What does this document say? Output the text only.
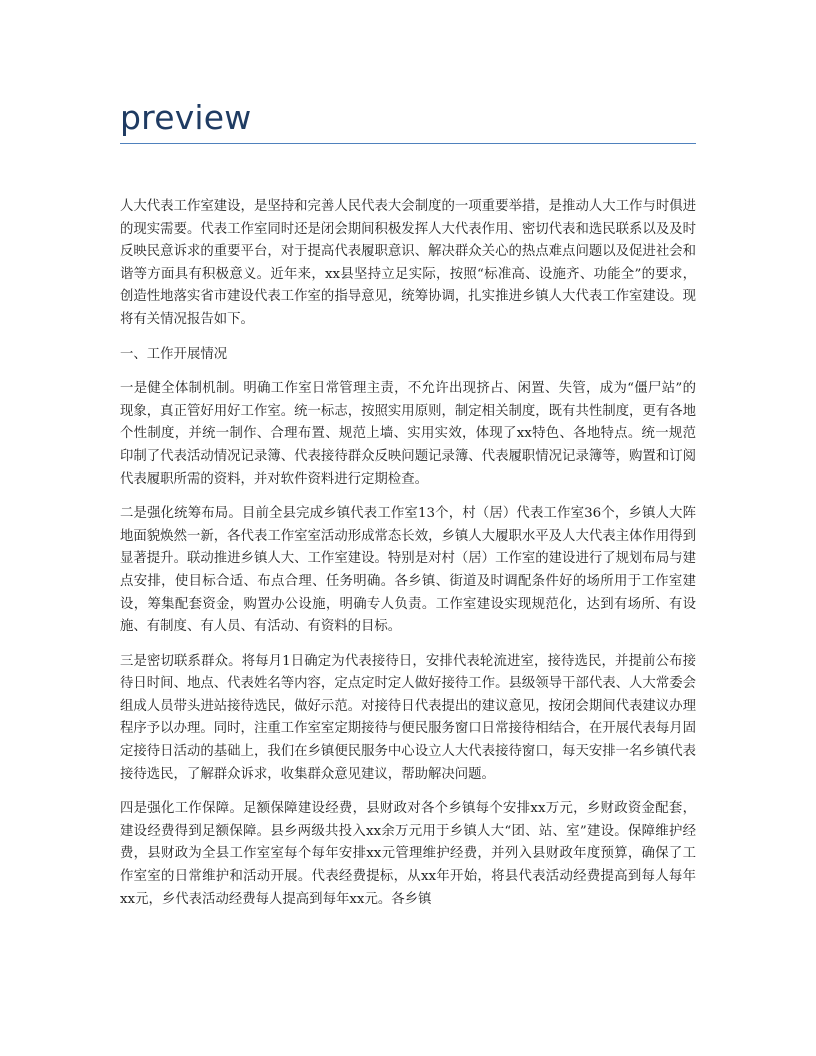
preview

人大代表工作室建设，是坚持和完善人民代表大会制度的一项重要举措，是推动人大工作与时俱进的现实需要。代表工作室同时还是闭会期间积极发挥人大代表作用、密切代表和选民联系以及及时反映民意诉求的重要平台，对于提高代表履职意识、解决群众关心的热点难点问题以及促进社会和谐等方面具有积极意义。近年来，xx县坚持立足实际，按照“标准高、设施齐、功能全”的要求，创造性地落实省市建设代表工作室的指导意见，统筹协调，扎实推进乡镇人大代表工作室建设。现将有关情况报告如下。

一、工作开展情况

一是健全体制机制。明确工作室日常管理主责，不允许出现挤占、闲置、失管，成为“僵尸站”的现象，真正管好用好工作室。统一标志，按照实用原则，制定相关制度，既有共性制度，更有各地个性制度，并统一制作、合理布置、规范上墙、实用实效，体现了xx特色、各地特点。统一规范印制了代表活动情况记录簿、代表接待群众反映问题记录簿、代表履职情况记录簿等，购置和订阅代表履职所需的资料，并对软件资料进行定期检查。

二是强化统筹布局。目前全县完成乡镇代表工作室13个，村（居）代表工作室36个，乡镇人大阵地面貌焕然一新，各代表工作室室活动形成常态长效，乡镇人大履职水平及人大代表主体作用得到显著提升。联动推进乡镇人大、工作室建设。特别是对村（居）工作室的建设进行了规划布局与建点安排，使目标合适、布点合理、任务明确。各乡镇、街道及时调配条件好的场所用于工作室建设，筹集配套资金，购置办公设施，明确专人负责。工作室建设实现规范化，达到有场所、有设施、有制度、有人员、有活动、有资料的目标。

三是密切联系群众。将每月1日确定为代表接待日，安排代表轮流进室，接待选民，并提前公布接待日时间、地点、代表姓名等内容，定点定时定人做好接待工作。县级领导干部代表、人大常委会组成人员带头进站接待选民，做好示范。对接待日代表提出的建议意见，按闭会期间代表建议办理程序予以办理。同时，注重工作室室定期接待与便民服务窗口日常接待相结合，在开展代表每月固定接待日活动的基础上，我们在乡镇便民服务中心设立人大代表接待窗口，每天安排一名乡镇代表接待选民，了解群众诉求，收集群众意见建议，帮助解决问题。

四是强化工作保障。足额保障建设经费，县财政对各个乡镇每个安排xx万元，乡财政资金配套，建设经费得到足额保障。县乡两级共投入xx余万元用于乡镇人大“团、站、室”建设。保障维护经费，县财政为全县工作室室每个每年安排xx元管理维护经费，并列入县财政年度预算，确保了工作室室的日常维护和活动开展。代表经费提标，从xx年开始，将县代表活动经费提高到每人每年xx元，乡代表活动经费每人提高到每年xx元。各乡镇
